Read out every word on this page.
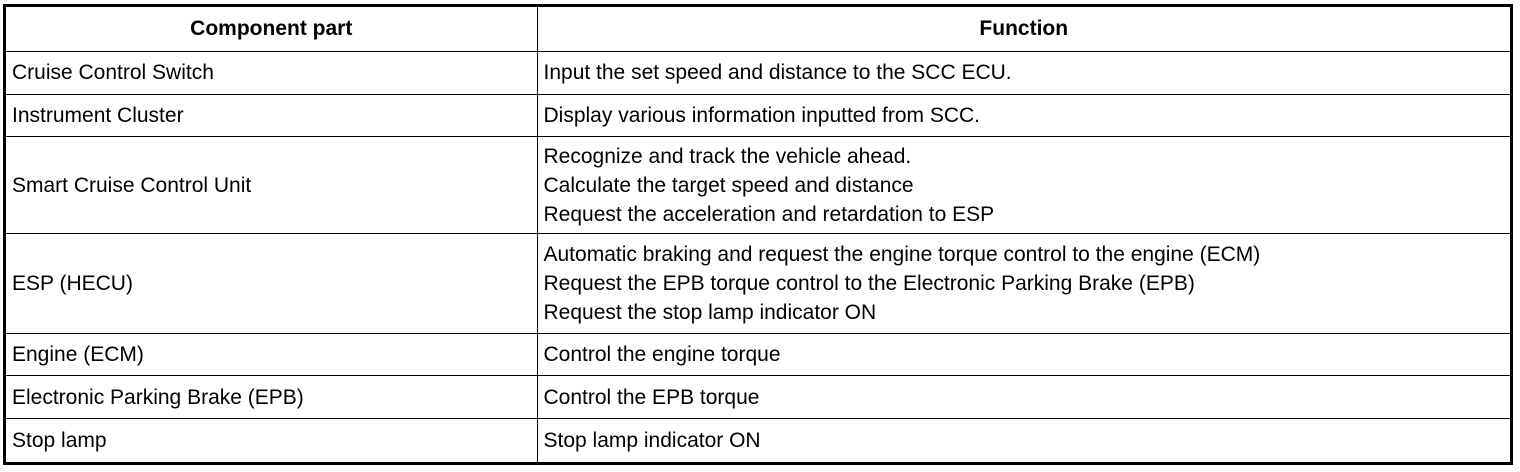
Component part	Function
Cruise Control Switch	Input the set speed and distance to the SCC ECU.

Instrument Cluster	Display various information inputted from SCC.

Smart Cruise Control Unit	Recognize and track the vehicle ahead.
Calculate the target speed and distance
Request the acceleration and retardation to ESP

ESP (HECU)	Automatic braking and request the engine torque control to the engine (ECM)
Request the EPB torque control to the Electronic Parking Brake (EPB)
Request the stop lamp indicator ON

Engine (ECM)	Control the engine torque

Electronic Parking Brake (EPB)	Control the EPB torque

Stop lamp	Stop lamp indicator ON
